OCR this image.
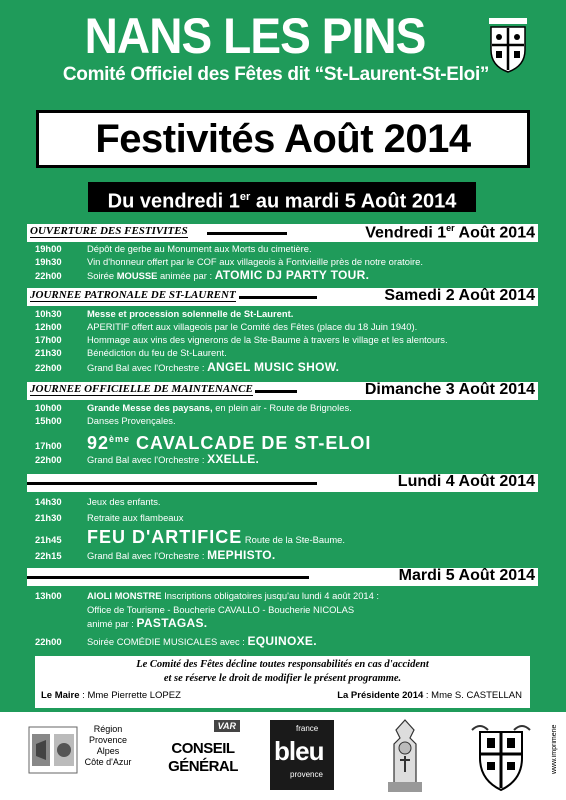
NANS LES PINS
Comité Officiel des Fêtes dit “St-Laurent-St-Eloi”
Festivités Août 2014
Du vendredi 1er au mardi 5 Août 2014
OUVERTURE DES FESTIVITES	Vendredi 1er Août 2014
19h00	Dépôt de gerbe au Monument aux Morts du cimetière.
19h30	Vin d'honneur offert par le COF aux villageois à Fontvieille près de notre oratoire.
22h00	Soirée MOUSSE animée par : ATOMIC DJ PARTY TOUR.
JOURNEE PATRONALE DE ST-LAURENT	Samedi 2 Août 2014
10h30	Messe et procession solennelle de St-Laurent.
12h00	APERITIF offert aux villageois par le Comité des Fêtes (place du 18 Juin 1940).
17h00	Hommage aux vins des vignerons de la Ste-Baume à travers le village et les alentours.
21h30	Bénédiction du feu de St-Laurent.
22h00	Grand Bal avec l'Orchestre : ANGEL MUSIC SHOW.
JOURNEE OFFICIELLE DE MAINTENANCE	Dimanche 3 Août 2014
10h00	Grande Messe des paysans, en plein air - Route de Brignoles.
15h00	Danses Provençales.
17h00 92ème CAVALCADE DE ST-ELOI
22h00	Grand Bal avec l'Orchestre : XXELLE.
Lundi 4 Août 2014
14h30	Jeux des enfants.
21h30	Retraite aux flambeaux
21h45 FEU D'ARTIFICE Route de la Ste-Baume.
22h15	Grand Bal avec l'Orchestre : MEPHISTO.
Mardi 5 Août 2014
13h00	AIOLI MONSTRE Inscriptions obligatoires jusqu'au lundi 4 août 2014 :
Office de Tourisme - Boucherie CAVALLO - Boucherie NICOLAS
animé par : PASTAGAS.
22h00	Soirée COMÉDIE MUSICALES avec : EQUINOXE.
Le Comité des Fêtes décline toutes responsabilités en cas d'accident
et se réserve le droit de modifier le présent programme.
Le Maire : Mme Pierrette LOPEZ	La Présidente 2014 : Mme S. CASTELLAN
www.imprimerie
Région
Provence
Alpes
Côte d'Azur
VAR
CONSEIL
GÉNÉRAL
france
bleu
provence
